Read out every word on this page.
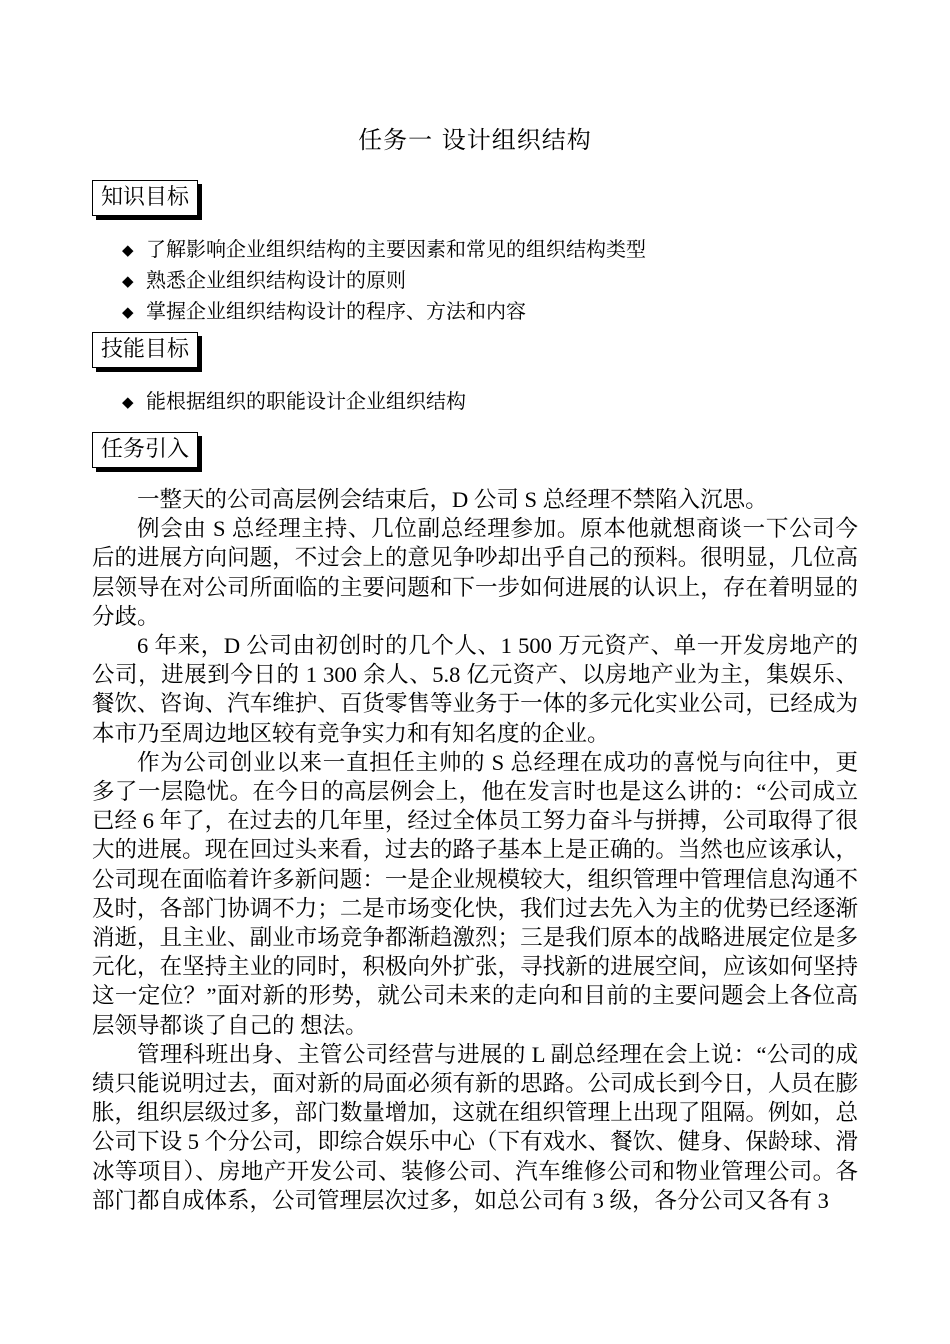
任务一 设计组织结构
知识目标
◆ 了解影响企业组织结构的主要因素和常见的组织结构类型
◆ 熟悉企业组织结构设计的原则
◆ 掌握企业组织结构设计的程序、方法和内容
技能目标
◆ 能根据组织的职能设计企业组织结构
任务引入

一整天的公司高层例会结束后，D 公司 S 总经理不禁陷入沉思。

例会由 S 总经理主持、几位副总经理参加。原本他就想商谈一下公司今后的进展方向问题，不过会上的意见争吵却出乎自己的预料。很明显，几位高层领导在对公司所面临的主要问题和下一步如何进展的认识上，存在着明显的分歧。

6 年来，D 公司由初创时的几个人、1 500 万元资产、单一开发房地产的公司，进展到今日的 1 300 余人、5.8 亿元资产、以房地产业为主，集娱乐、餐饮、咨询、汽车维护、百货零售等业务于一体的多元化实业公司，已经成为本市乃至周边地区较有竞争实力和有知名度的企业。

作为公司创业以来一直担任主帅的 S 总经理在成功的喜悦与向往中，更多了一层隐忧。在今日的高层例会上，他在发言时也是这么讲的：“公司成立已经 6 年了，在过去的几年里，经过全体员工努力奋斗与拼搏，公司取得了很大的进展。现在回过头来看，过去的路子基本上是正确的。当然也应该承认，公司现在面临着许多新问题：一是企业规模较大，组织管理中管理信息沟通不及时，各部门协调不力；二是市场变化快，我们过去先入为主的优势已经逐渐消逝，且主业、副业市场竞争都渐趋激烈；三是我们原本的战略进展定位是多元化，在坚持主业的同时，积极向外扩张，寻找新的进展空间，应该如何坚持这一定位？”面对新的形势，就公司未来的走向和目前的主要问题会上各位高层领导都谈了自己的 想法。

管理科班出身、主管公司经营与进展的 L 副总经理在会上说：“公司的成绩只能说明过去，面对新的局面必须有新的思路。公司成长到今日，人员在膨胀，组织层级过多，部门数量增加，这就在组织管理上出现了阻隔。例如，总公司下设 5 个分公司，即综合娱乐中心（下有戏水、餐饮、健身、保龄球、滑冰等项目）、房地产开发公司、装修公司、汽车维修公司和物业管理公司。各部门都自成体系，公司管理层次过多，如总公司有 3 级，各分公司又各有 3
